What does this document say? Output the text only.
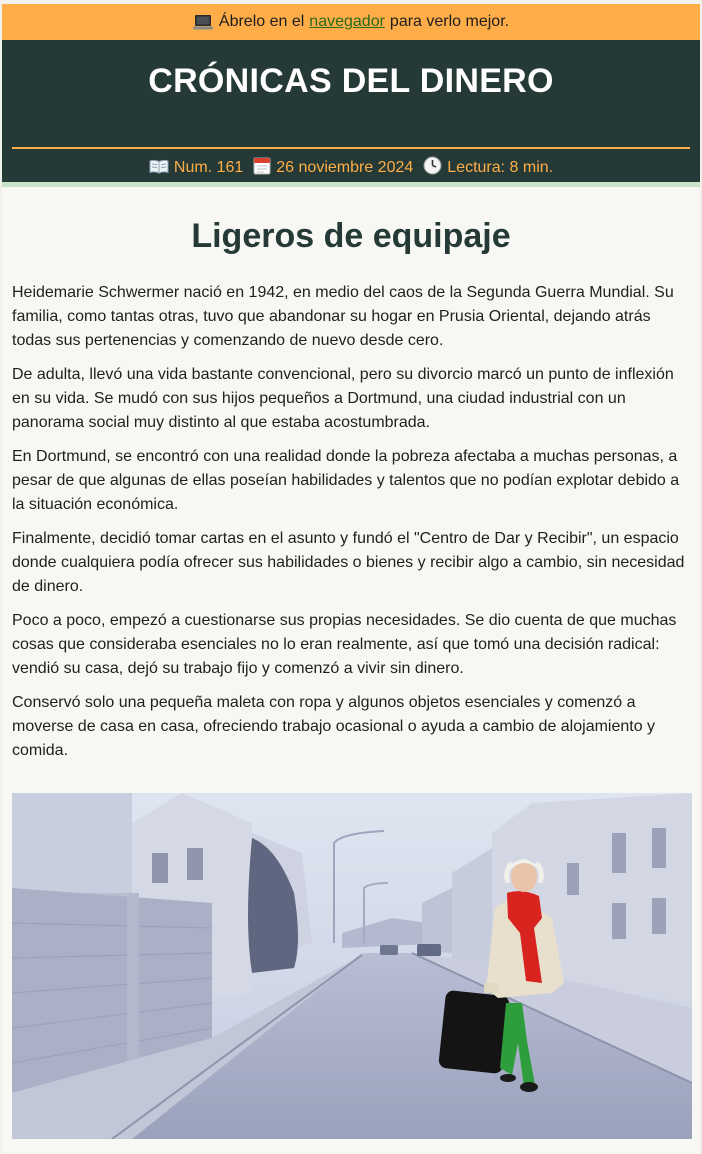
Ábrelo en el navegador para verlo mejor.
CRÓNICAS DEL DINERO
Num. 161 26 noviembre 2024 Lectura: 8 min.
Ligeros de equipaje

Heidemarie Schwermer nació en 1942, en medio del caos de la Segunda Guerra Mundial. Su familia, como tantas otras, tuvo que abandonar su hogar en Prusia Oriental, dejando atrás todas sus pertenencias y comenzando de nuevo desde cero.

De adulta, llevó una vida bastante convencional, pero su divorcio marcó un punto de inflexión en su vida. Se mudó con sus hijos pequeños a Dortmund, una ciudad industrial con un panorama social muy distinto al que estaba acostumbrada.

En Dortmund, se encontró con una realidad donde la pobreza afectaba a muchas personas, a pesar de que algunas de ellas poseían habilidades y talentos que no podían explotar debido a la situación económica.

Finalmente, decidió tomar cartas en el asunto y fundó el "Centro de Dar y Recibir", un espacio donde cualquiera podía ofrecer sus habilidades o bienes y recibir algo a cambio, sin necesidad de dinero.

Poco a poco, empezó a cuestionarse sus propias necesidades. Se dio cuenta de que muchas cosas que consideraba esenciales no lo eran realmente, así que tomó una decisión radical: vendió su casa, dejó su trabajo fijo y comenzó a vivir sin dinero.

Conservó solo una pequeña maleta con ropa y algunos objetos esenciales y comenzó a moverse de casa en casa, ofreciendo trabajo ocasional o ayuda a cambio de alojamiento y comida.
